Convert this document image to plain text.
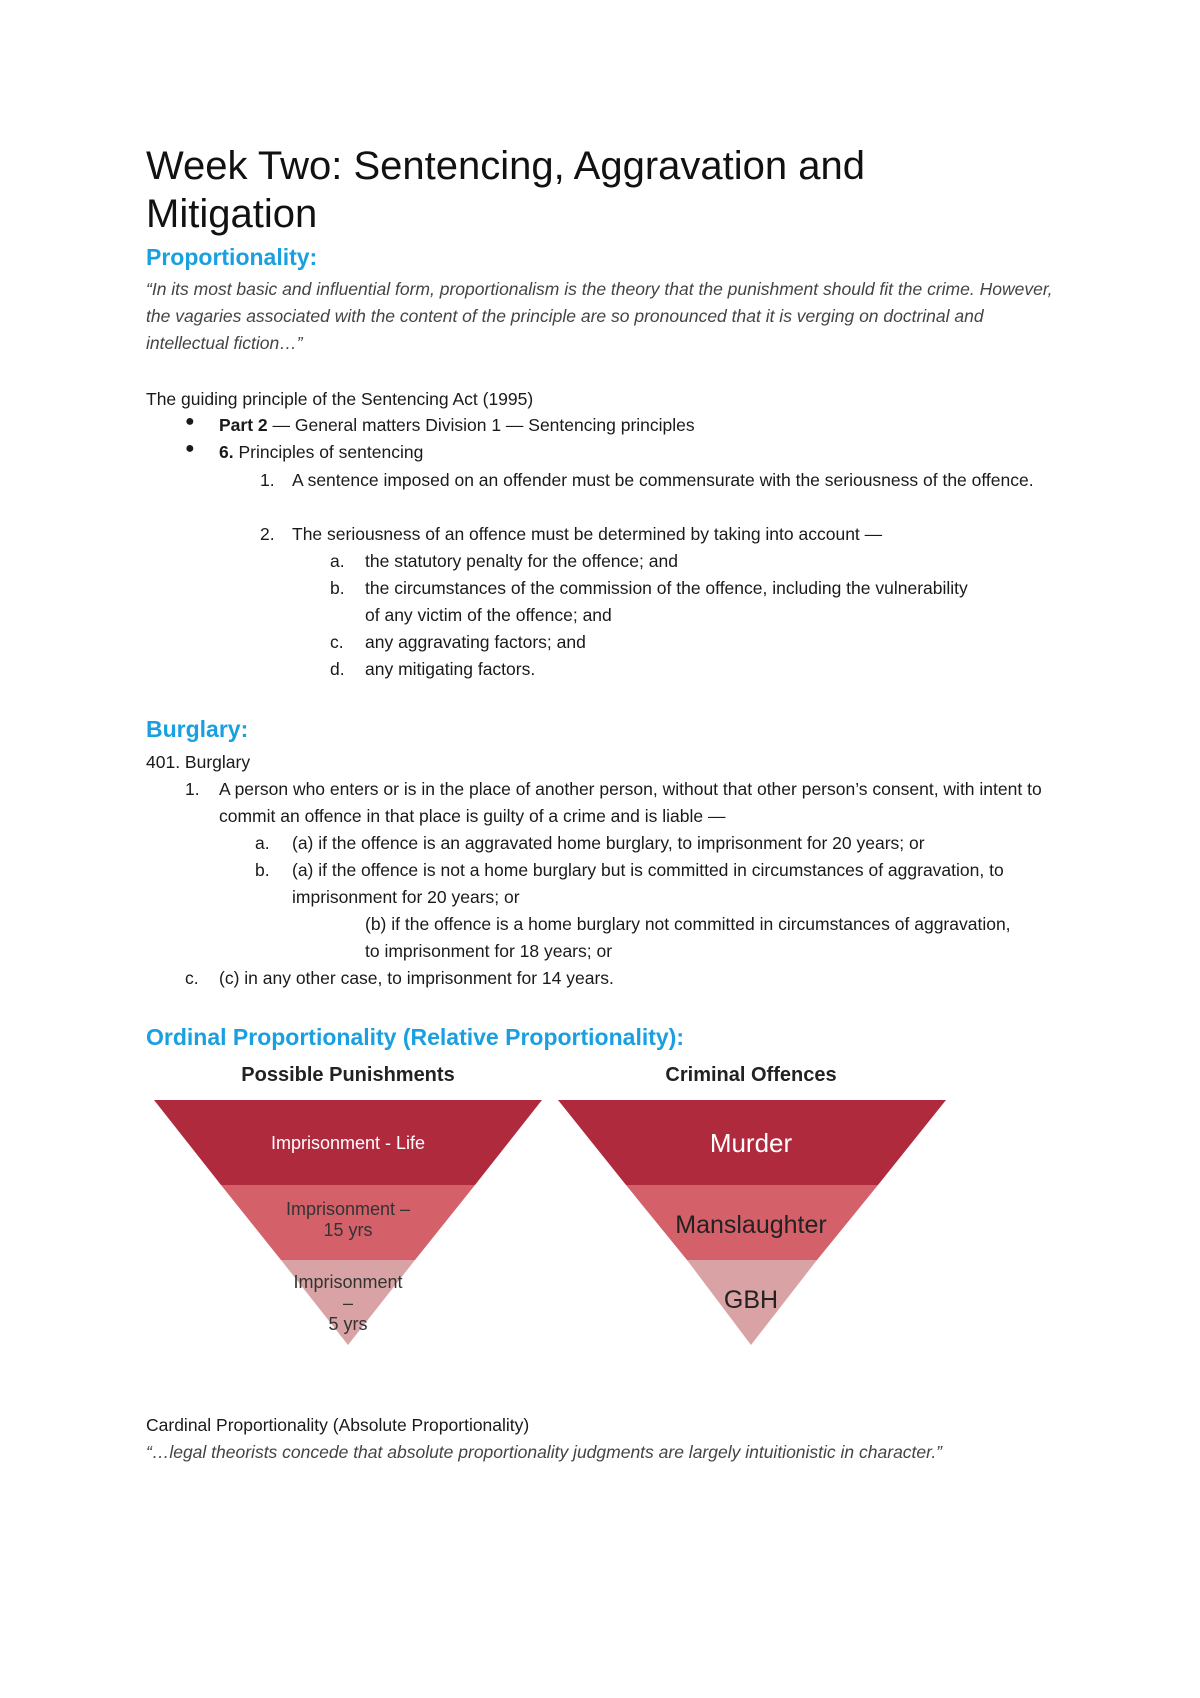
Week Two: Sentencing, Aggravation and Mitigation
Proportionality:

“In its most basic and influential form, proportionalism is the theory that the punishment should fit the crime. However, the vagaries associated with the content of the principle are so pronounced that it is verging on doctrinal and intellectual fiction…”

The guiding principle of the Sentencing Act (1995)

● Part 2 — General matters Division 1 — Sentencing principles

● 6. Principles of sentencing

1. A sentence imposed on an offender must be commensurate with the seriousness of the offence.

2. The seriousness of an offence must be determined by taking into account —

a. the statutory penalty for the offence; and

b. the circumstances of the commission of the offence, including the vulnerability of any victim of the offence; and

c. any aggravating factors; and

d. any mitigating factors.

Burglary:

401. Burglary

1. A person who enters or is in the place of another person, without that other person’s consent, with intent to commit an offence in that place is guilty of a crime and is liable —

a. (a) if the offence is an aggravated home burglary, to imprisonment for 20 years; or

b. (a) if the offence is not a home burglary but is committed in circumstances of aggravation, to imprisonment for 20 years; or

(b) if the offence is a home burglary not committed in circumstances of aggravation, to imprisonment for 18 years; or

c. (c) in any other case, to imprisonment for 14 years.

Ordinal Proportionality (Relative Proportionality):
Possible Punishments
Imprisonment - Life
Imprisonment –
15 yrs
Imprisonment
–
5 yrs
Criminal Offences
Murder
Manslaughter
GBH

Cardinal Proportionality (Absolute Proportionality)

“…legal theorists concede that absolute proportionality judgments are largely intuitionistic in character.”
